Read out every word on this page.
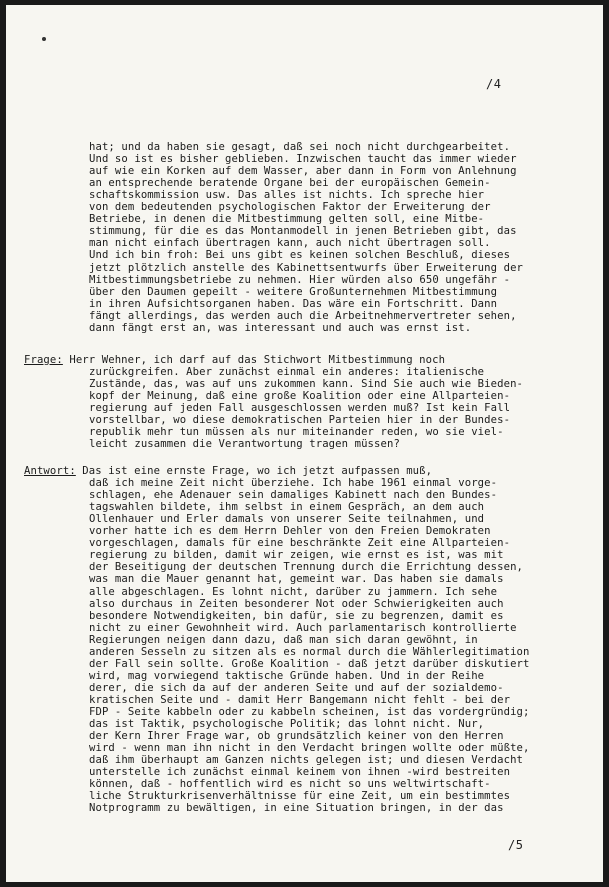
/4
hat; und da haben sie gesagt, daß sei noch nicht durchgearbeitet.
Und so ist es bisher geblieben. Inzwischen taucht das immer wieder
auf wie ein Korken auf dem Wasser, aber dann in Form von Anlehnung
an entsprechende beratende Organe bei der europäischen Gemein-
schaftskommission usw. Das alles ist nichts. Ich spreche hier
von dem bedeutenden psychologischen Faktor der Erweiterung der
Betriebe, in denen die Mitbestimmung gelten soll, eine Mitbe-
stimmung, für die es das Montanmodell in jenen Betrieben gibt, das
man nicht einfach übertragen kann, auch nicht übertragen soll.
Und ich bin froh: Bei uns gibt es keinen solchen Beschluß, dieses
jetzt plötzlich anstelle des Kabinettsentwurfs über Erweiterung der
Mitbestimmungsbetriebe zu nehmen. Hier würden also 650 ungefähr -
über den Daumen gepeilt - weitere Großunternehmen Mitbestimmung
in ihren Aufsichtsorganen haben. Das wäre ein Fortschritt. Dann
fängt allerdings, das werden auch die Arbeitnehmervertreter sehen,
dann fängt erst an, was interessant und auch was ernst ist.
Frage: Herr Wehner, ich darf auf das Stichwort Mitbestimmung noch
zurückgreifen. Aber zunächst einmal ein anderes: italienische
Zustände, das, was auf uns zukommen kann. Sind Sie auch wie Bieden-
kopf der Meinung, daß eine große Koalition oder eine Allparteien-
regierung auf jeden Fall ausgeschlossen werden muß? Ist kein Fall
vorstellbar, wo diese demokratischen Parteien hier in der Bundes-
republik mehr tun müssen als nur miteinander reden, wo sie viel-
leicht zusammen die Verantwortung tragen müssen?
Antwort: Das ist eine ernste Frage, wo ich jetzt aufpassen muß,
daß ich meine Zeit nicht überziehe. Ich habe 1961 einmal vorge-
schlagen, ehe Adenauer sein damaliges Kabinett nach den Bundes-
tagswahlen bildete, ihm selbst in einem Gespräch, an dem auch
Ollenhauer und Erler damals von unserer Seite teilnahmen, und
vorher hatte ich es dem Herrn Dehler von den Freien Demokraten
vorgeschlagen, damals für eine beschränkte Zeit eine Allparteien-
regierung zu bilden, damit wir zeigen, wie ernst es ist, was mit
der Beseitigung der deutschen Trennung durch die Errichtung dessen,
was man die Mauer genannt hat, gemeint war. Das haben sie damals
alle abgeschlagen. Es lohnt nicht, darüber zu jammern. Ich sehe
also durchaus in Zeiten besonderer Not oder Schwierigkeiten auch
besondere Notwendigkeiten, bin dafür, sie zu begrenzen, damit es
nicht zu einer Gewohnheit wird. Auch parlamentarisch kontrollierte
Regierungen neigen dann dazu, daß man sich daran gewöhnt, in
anderen Sesseln zu sitzen als es normal durch die Wählerlegitimation
der Fall sein sollte. Große Koalition - daß jetzt darüber diskutiert
wird, mag vorwiegend taktische Gründe haben. Und in der Reihe
derer, die sich da auf der anderen Seite und auf der sozialdemo-
kratischen Seite und - damit Herr Bangemann nicht fehlt - bei der
FDP - Seite kabbeln oder zu kabbeln scheinen, ist das vordergründig;
das ist Taktik, psychologische Politik; das lohnt nicht. Nur,
der Kern Ihrer Frage war, ob grundsätzlich keiner von den Herren
wird - wenn man ihn nicht in den Verdacht bringen wollte oder müßte,
daß ihm überhaupt am Ganzen nichts gelegen ist; und diesen Verdacht
unterstelle ich zunächst einmal keinem von ihnen -wird bestreiten
können, daß - hoffentlich wird es nicht so uns weltwirtschaft-
liche Strukturkrisenverhältnisse für eine Zeit, um ein bestimmtes
Notprogramm zu bewältigen, in eine Situation bringen, in der das
/5
